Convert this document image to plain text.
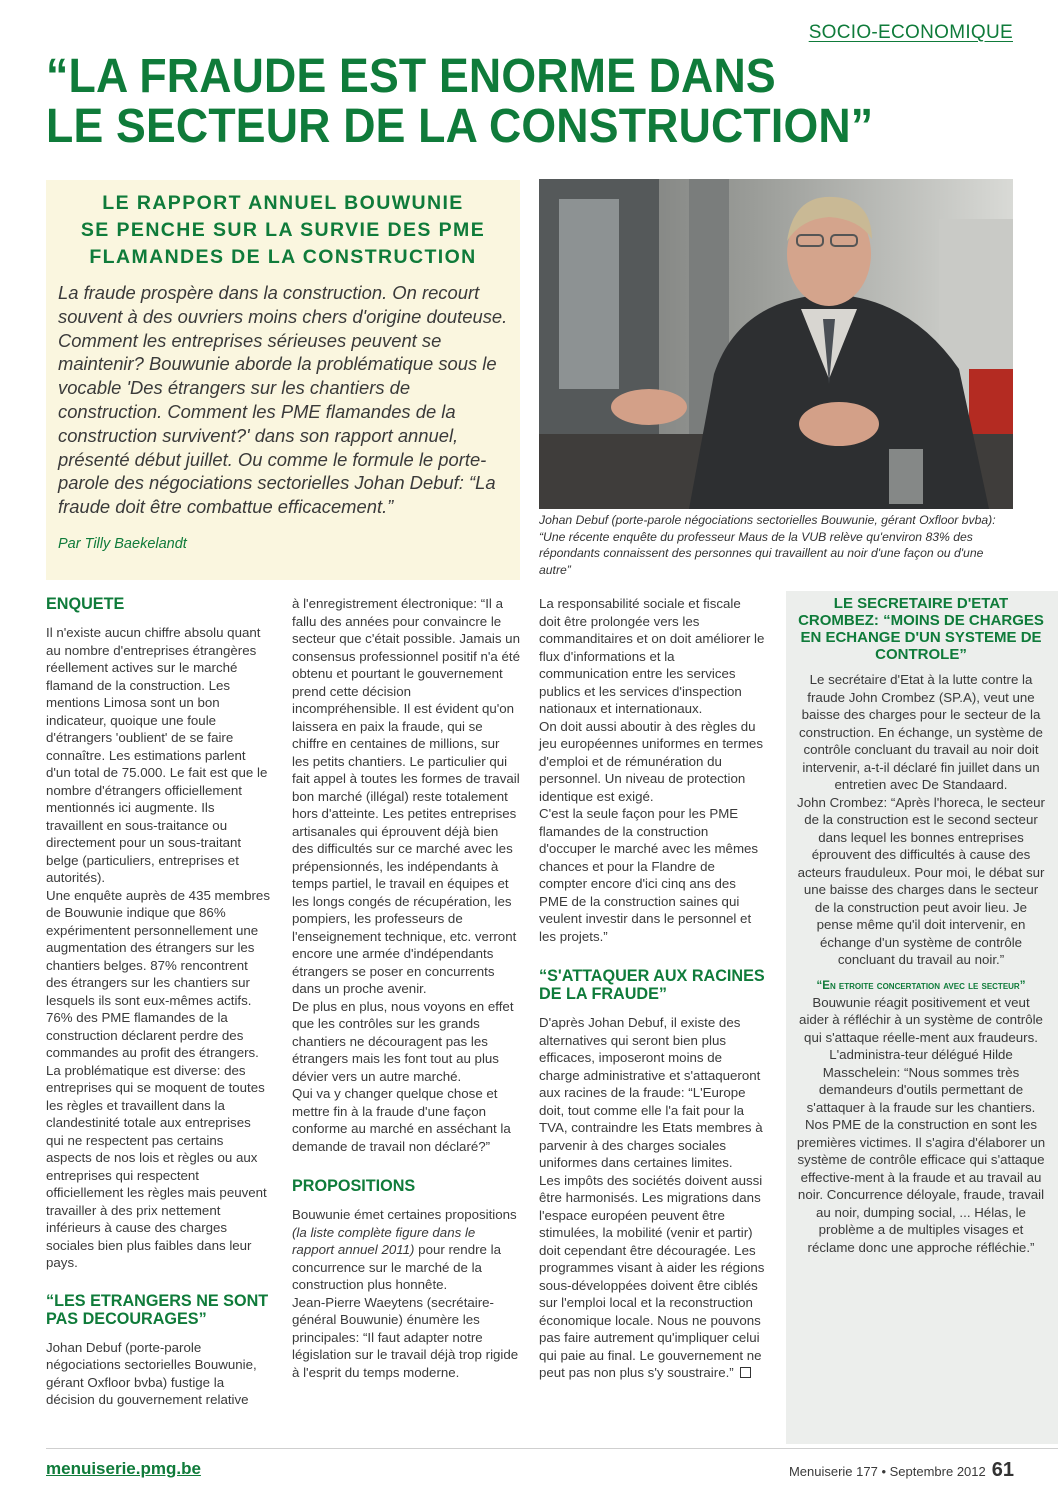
SOCIO-ECONOMIQUE
“LA FRAUDE EST ENORME DANS
LE SECTEUR DE LA CONSTRUCTION”
LE RAPPORT ANNUEL BOUWUNIE
SE PENCHE SUR LA SURVIE DES PME
FLAMANDES DE LA CONSTRUCTION
La fraude prospère dans la construction. On recourt souvent à des ouvriers moins chers d'origine douteuse. Comment les entreprises sérieuses peuvent se maintenir? Bouwunie aborde la problématique sous le vocable 'Des étrangers sur les chantiers de construction. Comment les PME flamandes de la construction survivent?' dans son rapport annuel, présenté début juillet. Ou comme le formule le porte-parole des négociations sectorielles Johan Debuf: “La fraude doit être combattue efficacement.”
Par Tilly Baekelandt
Johan Debuf (porte-parole négociations sectorielles Bouwunie, gérant Oxfloor bvba): “Une récente enquête du professeur Maus de la VUB relève qu'environ 83% des répondants connaissent des personnes qui travaillent au noir d'une façon ou d'une autre”
ENQUETE

Il n'existe aucun chiffre absolu quant au nombre d'entreprises étrangères réellement actives sur le marché flamand de la construction. Les mentions Limosa sont un bon indicateur, quoique une foule d'étrangers 'oublient' de se faire connaître. Les estimations parlent d'un total de 75.000. Le fait est que le nombre d'étrangers officiellement mentionnés ici augmente. Ils travaillent en sous-traitance ou directement pour un sous-traitant belge (particuliers, entreprises et autorités).

Une enquête auprès de 435 membres de Bouwunie indique que 86% expérimentent personnellement une augmentation des étrangers sur les chantiers belges. 87% rencontrent des étrangers sur les chantiers sur lesquels ils sont eux-mêmes actifs. 76% des PME flamandes de la construction déclarent perdre des commandes au profit des étrangers. La problématique est diverse: des entreprises qui se moquent de toutes les règles et travaillent dans la clandestinité totale aux entreprises qui ne respectent pas certains aspects de nos lois et règles ou aux entreprises qui respectent officiellement les règles mais peuvent travailler à des prix nettement inférieurs à cause des charges sociales bien plus faibles dans leur pays.

“LES ETRANGERS NE SONT PAS DECOURAGES”

Johan Debuf (porte-parole négociations sectorielles Bouwunie, gérant Oxfloor bvba) fustige la décision du gouvernement relative

à l'enregistrement électronique: “Il a fallu des années pour convaincre le secteur que c'était possible. Jamais un consensus professionnel positif n'a été obtenu et pourtant le gouvernement prend cette décision incompréhensible. Il est évident qu'on laissera en paix la fraude, qui se chiffre en centaines de millions, sur les petits chantiers. Le particulier qui fait appel à toutes les formes de travail bon marché (illégal) reste totalement hors d'atteinte. Les petites entreprises artisanales qui éprouvent déjà bien des difficultés sur ce marché avec les prépensionnés, les indépendants à temps partiel, le travail en équipes et les longs congés de récupération, les pompiers, les professeurs de l'enseignement technique, etc. verront encore une armée d'indépendants étrangers se poser en concurrents dans un proche avenir.

De plus en plus, nous voyons en effet que les contrôles sur les grands chantiers ne découragent pas les étrangers mais les font tout au plus dévier vers un autre marché.

Qui va y changer quelque chose et mettre fin à la fraude d'une façon conforme au marché en asséchant la demande de travail non déclaré?”

PROPOSITIONS

Bouwunie émet certaines propositions (la liste complète figure dans le rapport annuel 2011) pour rendre la concurrence sur le marché de la construction plus honnête.

Jean-Pierre Waeytens (secrétaire-général Bouwunie) énumère les principales: “Il faut adapter notre législation sur le travail déjà trop rigide à l'esprit du temps moderne.

La responsabilité sociale et fiscale doit être prolongée vers les commanditaires et on doit améliorer le flux d'informations et la communication entre les services publics et les services d'inspection nationaux et internationaux.

On doit aussi aboutir à des règles du jeu européennes uniformes en termes d'emploi et de rémunération du personnel. Un niveau de protection identique est exigé.

C'est la seule façon pour les PME flamandes de la construction d'occuper le marché avec les mêmes chances et pour la Flandre de compter encore d'ici cinq ans des PME de la construction saines qui veulent investir dans le personnel et les projets.”

“S'ATTAQUER AUX RACINES DE LA FRAUDE”

D'après Johan Debuf, il existe des alternatives qui seront bien plus efficaces, imposeront moins de charge administrative et s'attaqueront aux racines de la fraude: “L'Europe doit, tout comme elle l'a fait pour la TVA, contraindre les Etats membres à parvenir à des charges sociales uniformes dans certaines limites.

Les impôts des sociétés doivent aussi être harmonisés. Les migrations dans l'espace européen peuvent être stimulées, la mobilité (venir et partir) doit cependant être découragée. Les programmes visant à aider les régions sous-développées doivent être ciblés sur l'emploi local et la reconstruction économique locale. Nous ne pouvons pas faire autrement qu'impliquer celui qui paie au final. Le gouvernement ne peut pas non plus s'y soustraire.”

LE SECRETAIRE D'ETAT CROMBEZ: “MOINS DE CHARGES EN ECHANGE D'UN SYSTEME DE CONTROLE”

Le secrétaire d'Etat à la lutte contre la fraude John Crombez (SP.A), veut une baisse des charges pour le secteur de la construction. En échange, un système de contrôle concluant du travail au noir doit intervenir, a-t-il déclaré fin juillet dans un entretien avec De Standaard.

John Crombez: “Après l'horeca, le secteur de la construction est le second secteur dans lequel les bonnes entreprises éprouvent des difficultés à cause des acteurs frauduleux. Pour moi, le débat sur une baisse des charges dans le secteur de la construction peut avoir lieu. Je pense même qu'il doit intervenir, en échange d'un système de contrôle concluant du travail au noir.”

“En etroite concertation avec le secteur”

Bouwunie réagit positivement et veut aider à réfléchir à un système de contrôle qui s'attaque réelle-ment aux fraudeurs. L'administra-teur délégué Hilde Masschelein: “Nous sommes très demandeurs d'outils permettant de s'attaquer à la fraude sur les chantiers. Nos PME de la construction en sont les premières victimes. Il s'agira d'élaborer un système de contrôle efficace qui s'attaque effective-ment à la fraude et au travail au noir. Concurrence déloyale, fraude, travail au noir, dumping social, ... Hélas, le problème a de multiples visages et réclame donc une approche réfléchie.”

menuiserie.pmg.be	Menuiserie 177 • Septembre 2012 61
